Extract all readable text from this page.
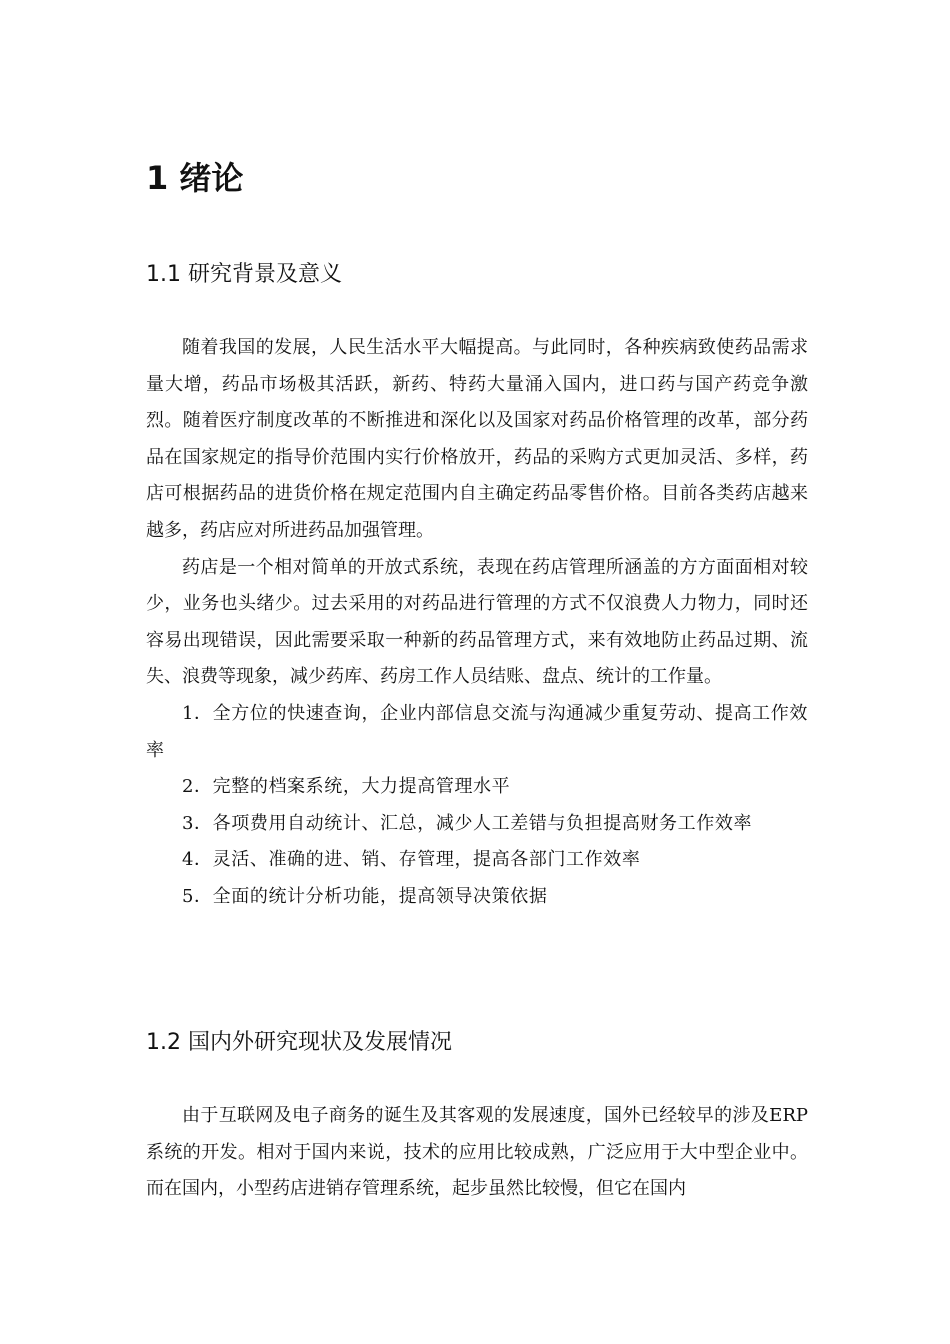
1 绪论
1.1 研究背景及意义

随着我国的发展，人民生活水平大幅提高。与此同时，各种疾病致使药品需求量大增，药品市场极其活跃，新药、特药大量涌入国内，进口药与国产药竞争激烈。随着医疗制度改革的不断推进和深化以及国家对药品价格管理的改革，部分药品在国家规定的指导价范围内实行价格放开，药品的采购方式更加灵活、多样，药店可根据药品的进货价格在规定范围内自主确定药品零售价格。目前各类药店越来越多，药店应对所进药品加强管理。

药店是一个相对简单的开放式系统，表现在药店管理所涵盖的方方面面相对较少，业务也头绪少。过去采用的对药品进行管理的方式不仅浪费人力物力，同时还容易出现错误，因此需要采取一种新的药品管理方式，来有效地防止药品过期、流失、浪费等现象，减少药库、药房工作人员结账、盘点、统计的工作量。

1．全方位的快速查询，企业内部信息交流与沟通减少重复劳动、提高工作效率

2．完整的档案系统，大力提高管理水平

3．各项费用自动统计、汇总，减少人工差错与负担提高财务工作效率

4．灵活、准确的进、销、存管理，提高各部门工作效率

5．全面的统计分析功能，提高领导决策依据

1.2 国内外研究现状及发展情况

由于互联网及电子商务的诞生及其客观的发展速度，国外已经较早的涉及ERP系统的开发。相对于国内来说，技术的应用比较成熟，广泛应用于大中型企业中。而在国内，小型药店进销存管理系统，起步虽然比较慢，但它在国内
